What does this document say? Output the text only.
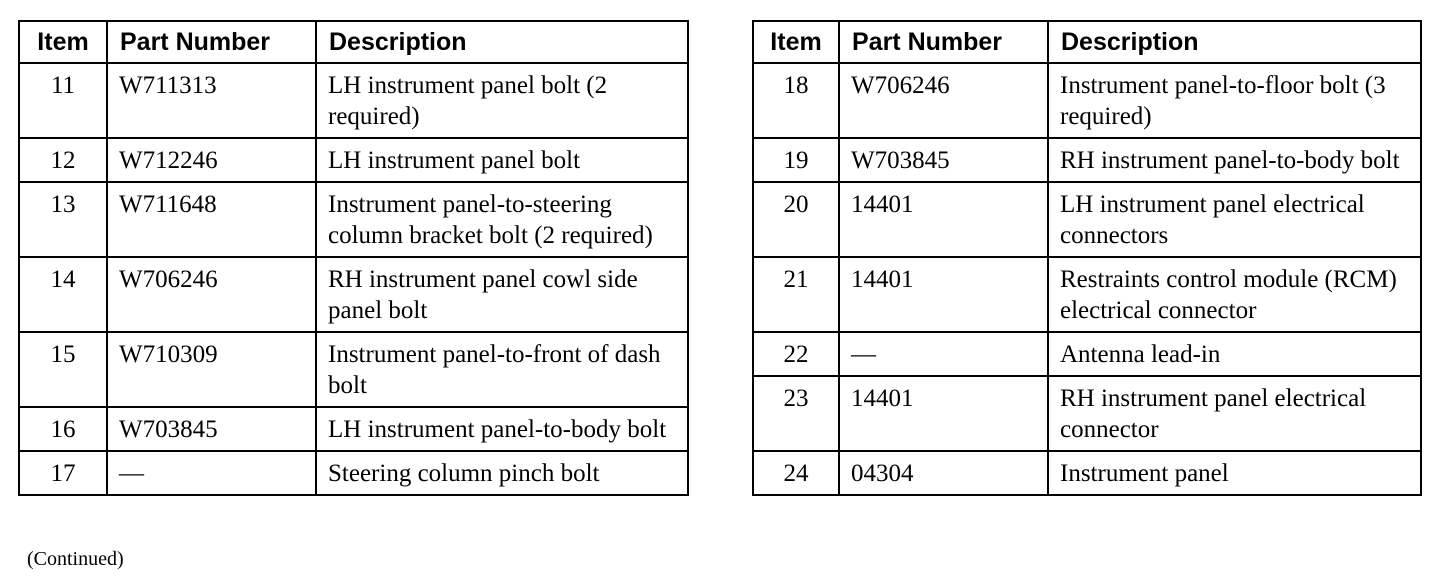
Item	Part Number	Description
11	W711313	LH instrument panel bolt (2 required)
12	W712246	LH instrument panel bolt
13	W711648	Instrument panel-to-steering column bracket bolt (2 required)
14	W706246	RH instrument panel cowl side panel bolt
15	W710309	Instrument panel-to-front of dash bolt
16	W703845	LH instrument panel-to-body bolt
17	—	Steering column pinch bolt
(Continued)
Item	Part Number	Description
18	W706246	Instrument panel-to-floor bolt (3 required)
19	W703845	RH instrument panel-to-body bolt
20	14401	LH instrument panel electrical connectors
21	14401	Restraints control module (RCM) electrical connector
22	—	Antenna lead-in
23	14401	RH instrument panel electrical connector
24	04304	Instrument panel
